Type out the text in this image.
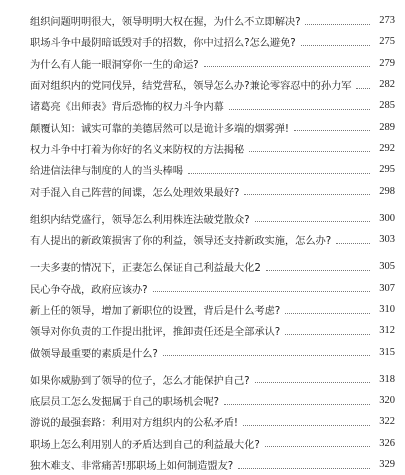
组织问题明明很大，领导明明大权在握，为什么不立即解决?	273
职场斗争中最阴暗诋毁对手的招数，你中过招么?怎么避免?	275
为什么有人能一眼洞穿你一生的命运?	279
面对组织内的党同伐异，结党营私，领导怎么办?兼论零容忍中的孙力军	282
诸葛亮《出师表》背后恐怖的权力斗争内幕	285
颠覆认知：诚实可靠的美德居然可以是诡计多端的烟雾弹!	289
权力斗争中打着为你好的名义来防权的方法揭秘	292
给进信法律与制度的人的当头棒喝	295
对手混入自己阵营的间谍，怎么处理效果最好?	298
组织内结党盛行，领导怎么利用株连法破党散众?	300
有人提出的新政策损害了你的利益，领导还支持新政实施，怎么办?	303
一夫多妻的情况下，正妻怎么保证自己利益最大化2	305
民心争夺战，政府应该办?	307
新上任的领导，增加了新职位的设置，背后是什么考虑?	310
领导对你负责的工作提出批评，推卸责任还是全部承认?	312
做领导最重要的素质是什么?	315
如果你威胁到了领导的位子，怎么才能保护自己?	318
底层员工怎么发掘属于自己的职场机会呢?	320
游说的最强套路：利用对方组织内的公私矛盾!	322
职场上怎么利用别人的矛盾达到自己的利益最大化?	326
独木难支、非常痛苦!那职场上如何制造盟友?	329
